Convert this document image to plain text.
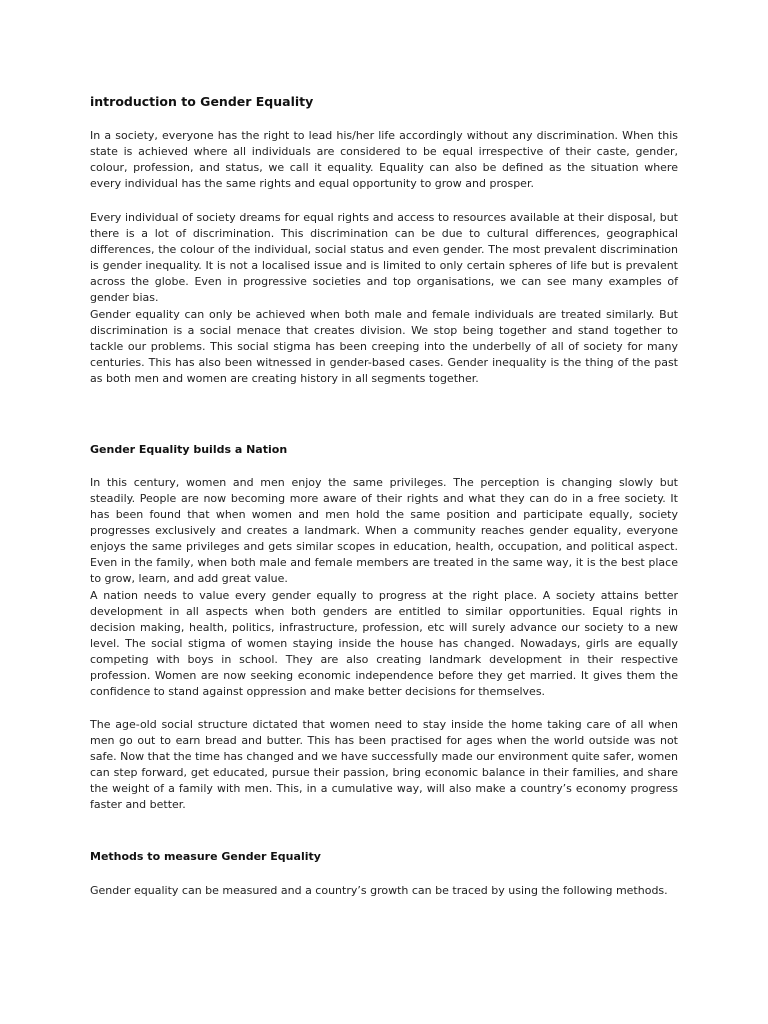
introduction to Gender Equality

In a society, everyone has the right to lead his/her life accordingly without any discrimination. When this state is achieved where all individuals are considered to be equal irrespective of their caste, gender, colour, profession, and status, we call it equality. Equality can also be defined as the situation where every individual has the same rights and equal opportunity to grow and prosper.

Every individual of society dreams for equal rights and access to resources available at their disposal, but there is a lot of discrimination. This discrimination can be due to cultural differences, geographical differences, the colour of the individual, social status and even gender. The most prevalent discrimination is gender inequality. It is not a localised issue and is limited to only certain spheres of life but is prevalent across the globe. Even in progressive societies and top organisations, we can see many examples of gender bias.

Gender equality can only be achieved when both male and female individuals are treated similarly. But discrimination is a social menace that creates division. We stop being together and stand together to tackle our problems. This social stigma has been creeping into the underbelly of all of society for many centuries. This has also been witnessed in gender-based cases. Gender inequality is the thing of the past as both men and women are creating history in all segments together.

Gender Equality builds a Nation

In this century, women and men enjoy the same privileges. The perception is changing slowly but steadily. People are now becoming more aware of their rights and what they can do in a free society. It has been found that when women and men hold the same position and participate equally, society progresses exclusively and creates a landmark. When a community reaches gender equality, everyone enjoys the same privileges and gets similar scopes in education, health, occupation, and political aspect. Even in the family, when both male and female members are treated in the same way, it is the best place to grow, learn, and add great value.

A nation needs to value every gender equally to progress at the right place. A society attains better development in all aspects when both genders are entitled to similar opportunities. Equal rights in decision making, health, politics, infrastructure, profession, etc will surely advance our society to a new level. The social stigma of women staying inside the house has changed. Nowadays, girls are equally competing with boys in school. They are also creating landmark development in their respective profession. Women are now seeking economic independence before they get married. It gives them the confidence to stand against oppression and make better decisions for themselves.

The age-old social structure dictated that women need to stay inside the home taking care of all when men go out to earn bread and butter. This has been practised for ages when the world outside was not safe. Now that the time has changed and we have successfully made our environment quite safer, women can step forward, get educated, pursue their passion, bring economic balance in their families, and share the weight of a family with men. This, in a cumulative way, will also make a country’s economy progress faster and better.

Methods to measure Gender Equality

Gender equality can be measured and a country’s growth can be traced by using the following methods.
